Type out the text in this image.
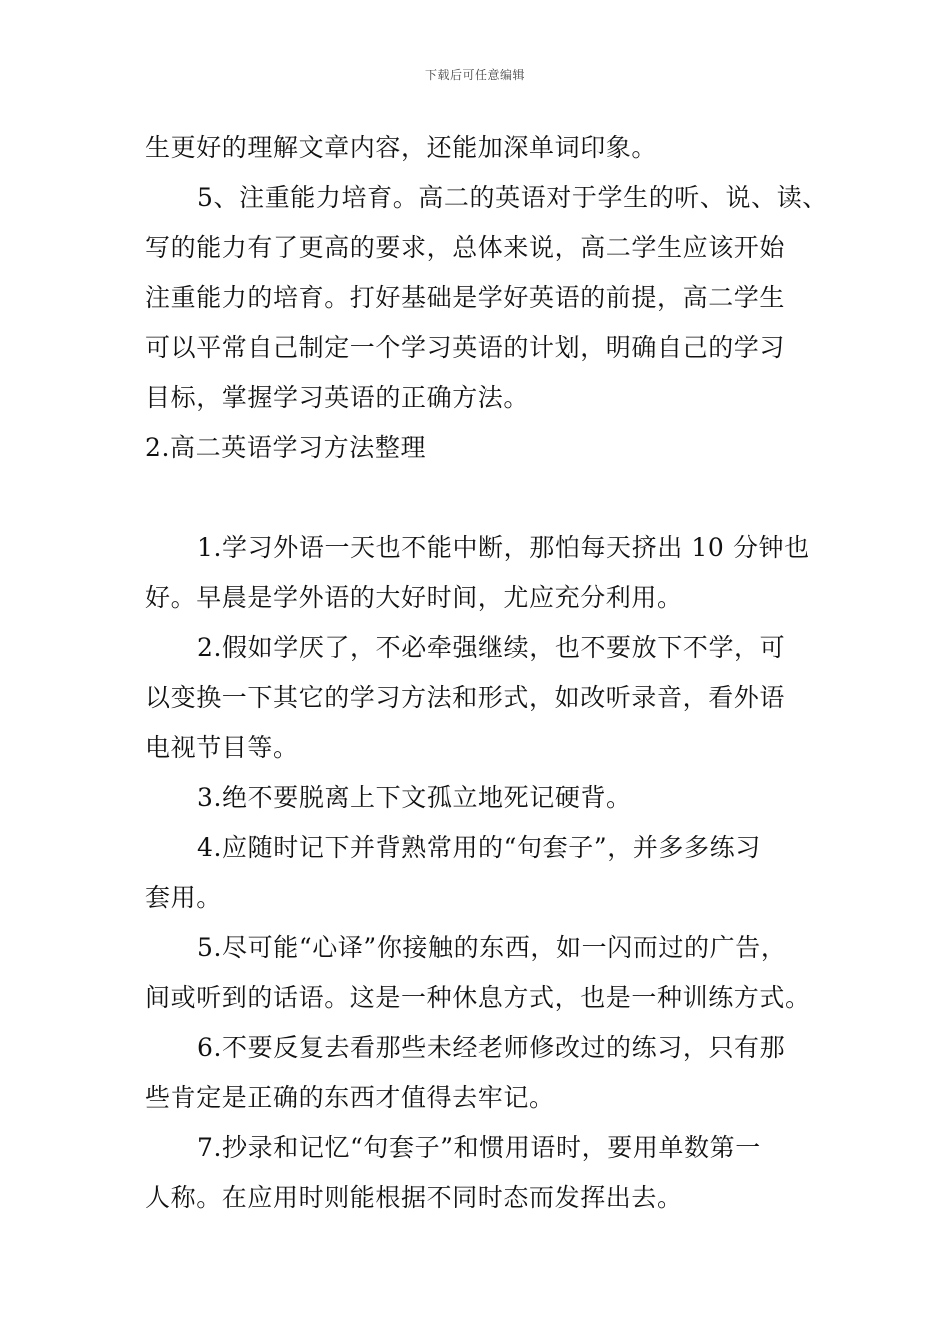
下载后可任意编辑
生更好的理解文章内容，还能加深单词印象。
5、注重能力培育。高二的英语对于学生的听、说、读、
写的能力有了更高的要求，总体来说，高二学生应该开始
注重能力的培育。打好基础是学好英语的前提，高二学生
可以平常自己制定一个学习英语的计划，明确自己的学习
目标，掌握学习英语的正确方法。
2.高二英语学习方法整理
1.学习外语一天也不能中断，那怕每天挤出 10 分钟也
好。早晨是学外语的大好时间，尤应充分利用。
2.假如学厌了，不必牵强继续，也不要放下不学，可
以变换一下其它的学习方法和形式，如改听录音，看外语
电视节目等。
3.绝不要脱离上下文孤立地死记硬背。
4.应随时记下并背熟常用的“句套子”，并多多练习
套用。
5.尽可能“心译”你接触的东西，如一闪而过的广告，
间或听到的话语。这是一种休息方式，也是一种训练方式。
6.不要反复去看那些未经老师修改过的练习，只有那
些肯定是正确的东西才值得去牢记。
7.抄录和记忆“句套子”和惯用语时，要用单数第一
人称。在应用时则能根据不同时态而发挥出去。
